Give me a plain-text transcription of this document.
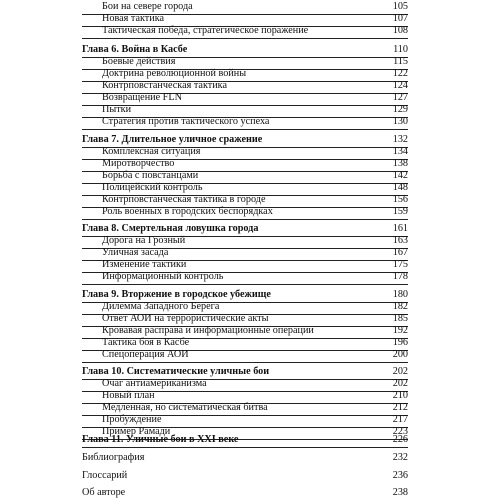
Бои на севере города	105
Новая тактика	107
Тактическая победа, стратегическое поражение	108
Глава 6. Война в Касбе	110
Боевые действия	115
Доктрина революционной войны	122
Контрповстанческая тактика	124
Возвращение FLN	127
Пытки	129
Стратегия против тактического успеха	130
Глава 7. Длительное уличное сражение	132
Комплексная ситуация	134
Миротворчество	138
Борьба с повстанцами	142
Полицейский контроль	148
Контрповстанческая тактика в городе	156
Роль военных в городских беспорядках	159
Глава 8. Смертельная ловушка города	161
Дорога на Грозный	163
Уличная засада	167
Изменение тактики	175
Информационный контроль	178
Глава 9. Вторжение в городское убежище	180
Дилемма Западного Берега	182
Ответ АОИ на террористические акты	185
Кровавая расправа и информационные операции	192
Тактика боя в Касбе	196
Спецоперация АОИ	200
Глава 10. Систематические уличные бои	202
Очаг антиамериканизма	202
Новый план	210
Медленная, но систематическая битва	212
Пробуждение	217
Пример Рамади	223
Глава 11. Уличные бои в XXI веке	226
Библиография	232
Глоссарий	236
Об авторе	238
